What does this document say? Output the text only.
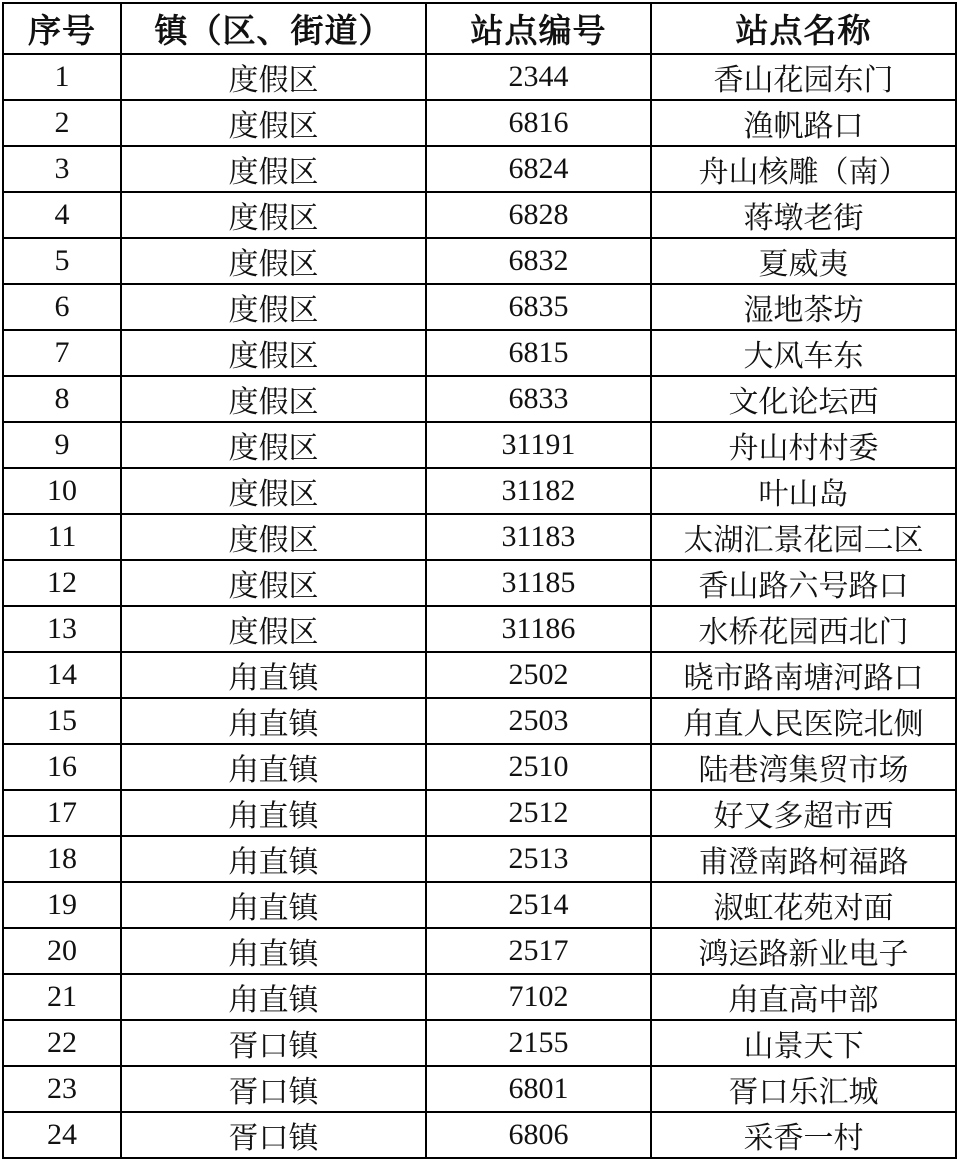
序号	镇（区、街道）	站点编号	站点名称
1	度假区	2344	香山花园东门
2	度假区	6816	渔帆路口
3	度假区	6824	舟山核雕（南）
4	度假区	6828	蒋墩老街
5	度假区	6832	夏威夷
6	度假区	6835	湿地茶坊
7	度假区	6815	大风车东
8	度假区	6833	文化论坛西
9	度假区	31191	舟山村村委
10	度假区	31182	叶山岛
11	度假区	31183	太湖汇景花园二区
12	度假区	31185	香山路六号路口
13	度假区	31186	水桥花园西北门
14	甪直镇	2502	晓市路南塘河路口
15	甪直镇	2503	甪直人民医院北侧
16	甪直镇	2510	陆巷湾集贸市场
17	甪直镇	2512	好又多超市西
18	甪直镇	2513	甫澄南路柯福路
19	甪直镇	2514	淑虹花苑对面
20	甪直镇	2517	鸿运路新业电子
21	甪直镇	7102	甪直高中部
22	胥口镇	2155	山景天下
23	胥口镇	6801	胥口乐汇城
24	胥口镇	6806	采香一村
